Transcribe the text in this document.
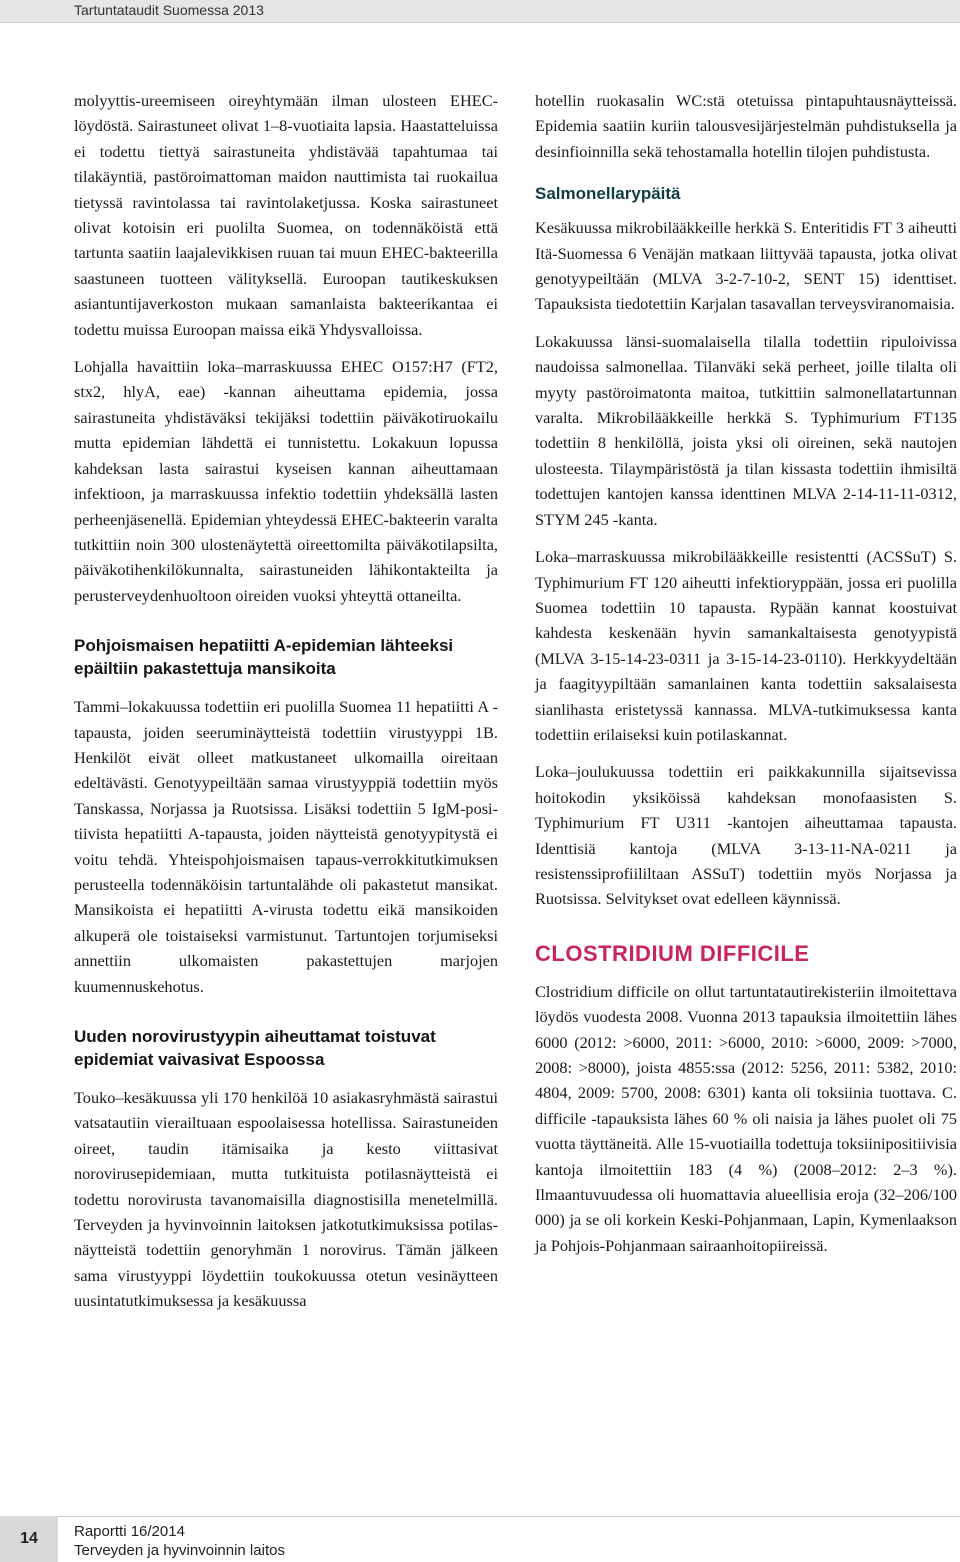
Tartuntataudit Suomessa 2013

molyyttis-ureemiseen oireyhtymään ilman ulosteen EHEC-löydöstä. Sairastuneet olivat 1–8-vuotiaita lapsia. Haastatteluissa ei todettu tiettyä sairastuneita yhdistävää tapahtumaa tai tilakäyntiä, pastöroimattoman maidon nauttimista tai ruokailua tietyssä ravintolassa tai ravintolaketjussa. Koska sairastuneet olivat kotoisin eri puolilta Suomea, on todennäköistä että tartunta saatiin laajalevikkisen ruuan tai muun EHEC-bakteerilla saastuneen tuotteen välityksellä. Euroopan tautikeskuksen asiantuntijaverkoston mukaan samanlaista bakteerikantaa ei todettu muissa Euroopan maissa eikä Yhdysvalloissa.

Lohjalla havaittiin loka–marraskuussa EHEC O157:H7 (FT2, stx2, hlyA, eae) -kannan aiheuttama epidemia, jossa sairastuneita yhdistäväksi tekijäksi todettiin päiväkotiruokailu mutta epidemian lähdettä ei tunnistettu. Lokakuun lopussa kahdeksan lasta sairastui kyseisen kannan aiheuttamaan infektioon, ja marraskuussa infektio todettiin yhdeksällä lasten perheenjäsenellä. Epidemian yhteydessä EHEC-bakteerin varalta tutkittiin noin 300 ulostenäytettä oireettomilta päiväkotilapsilta, päiväkotihenkilökunnalta, sairastuneiden lähikontakteilta ja perusterveydenhuoltoon oireiden vuoksi yhteyttä ottaneilta.

Pohjoismaisen hepatiitti A-epidemian lähteeksi epäiltiin pakastettuja mansikoita

Tammi–lokakuussa todettiin eri puolilla Suomea 11 hepatiitti A -tapausta, joiden seeruminäytteistä todettiin virustyyppi 1B. Henkilöt eivät olleet matkustaneet ulkomailla oireitaan edeltävästi. Genotyypeiltään samaa virustyyppiä todettiin myös Tanskassa, Norjassa ja Ruotsissa. Lisäksi todettiin 5 IgM-positiivista hepatiitti A-tapausta, joiden näytteistä genotyypitystä ei voitu tehdä. Yhteispohjoismaisen tapaus-verrokkitutkimuksen perusteella todennäköisin tartuntalähde oli pakastetut mansikat. Mansikoista ei hepatiitti A-virusta todettu eikä mansikoiden alkuperä ole toistaiseksi varmistunut. Tartuntojen torjumiseksi annettiin ulkomaisten pakastettujen marjojen kuumennuskehotus.

Uuden norovirustyypin aiheuttamat toistuvat epidemiat vaivasivat Espoossa

Touko–kesäkuussa yli 170 henkilöä 10 asiakasryhmästä sairastui vatsatautiin vierailtuaan espoolaisessa hotellissa. Sairastuneiden oireet, taudin itämisaika ja kesto viittasivat norovirusepidemiaan, mutta tutkituista potilasnäytteistä ei todettu norovirusta tavanomaisilla diagnostisilla menetelmillä. Terveyden ja hyvinvoinnin laitoksen jatkotutkimuksissa potilasnäytteistä todettiin genoryhmän 1 norovirus. Tämän jälkeen sama virustyyppi löydettiin toukokuussa otetun vesinäytteen uusintatutkimuksessa ja kesäkuussa

hotellin ruokasalin WC:stä otetuissa pintapuhtausnäytteissä. Epidemia saatiin kuriin talousvesijärjestelmän puhdistuksella ja desinfioinnilla sekä tehostamalla hotellin tilojen puhdistusta.

Salmonellarypäitä

Kesäkuussa mikrobilääkkeille herkkä S. Enteritidis FT 3 aiheutti Itä-Suomessa 6 Venäjän matkaan liittyvää tapausta, jotka olivat genotyypeiltään (MLVA 3-2-7-10-2, SENT 15) identtiset. Tapauksista tiedotettiin Karjalan tasavallan terveysviranomaisia.

Lokakuussa länsi-suomalaisella tilalla todettiin ripuloivissa naudoissa salmonellaa. Tilanväki sekä perheet, joille tilalta oli myyty pastöroimatonta maitoa, tutkittiin salmonellatartunnan varalta. Mikrobilääkkeille herkkä S. Typhimurium FT135 todettiin 8 henkilöllä, joista yksi oli oireinen, sekä nautojen ulosteesta. Tilaympäristöstä ja tilan kissasta todettiin ihmisiltä todettujen kantojen kanssa identtinen MLVA 2-14-11-11-0312, STYM 245 -kanta.

Loka–marraskuussa mikrobilääkkeille resistentti (ACSSuT) S. Typhimurium FT 120 aiheutti infektioryppään, jossa eri puolilla Suomea todettiin 10 tapausta. Rypään kannat koostuivat kahdesta keskenään hyvin samankaltaisesta genotyypistä (MLVA 3-15-14-23-0311 ja 3-15-14-23-0110). Herkkyydeltään ja faagityypiltään samanlainen kanta todettiin saksalaisesta sianlihasta eristetyssä kannassa. MLVA-tutkimuksessa kanta todettiin erilaiseksi kuin potilaskannat.

Loka–joulukuussa todettiin eri paikkakunnilla sijaitsevissa hoitokodin yksiköissä kahdeksan monofaasisten S. Typhimurium FT U311 -kantojen aiheuttamaa tapausta. Identtisiä kantoja (MLVA 3-13-11-NA-0211 ja resistenssiprofiililtaan ASSuT) todettiin myös Norjassa ja Ruotsissa. Selvitykset ovat edelleen käynnissä.

CLOSTRIDIUM DIFFICILE

Clostridium difficile on ollut tartuntatautirekisteriin ilmoitettava löydös vuodesta 2008. Vuonna 2013 tapauksia ilmoitettiin lähes 6000 (2012: >6000, 2011: >6000, 2010: >6000, 2009: >7000, 2008: >8000), joista 4855:ssa (2012: 5256, 2011: 5382, 2010: 4804, 2009: 5700, 2008: 6301) kanta oli toksiinia tuottava. C. difficile -tapauksista lähes 60 % oli naisia ja lähes puolet oli 75 vuotta täyttäneitä. Alle 15-vuotiailla todettuja toksiinipositiivisia kantoja ilmoitettiin 183 (4 %) (2008–2012: 2–3 %). Ilmaantuvuudessa oli huomattavia alueellisia eroja (32–206/100 000) ja se oli korkein Keski-Pohjanmaan, Lapin, Kymenlaakson ja Pohjois-Pohjanmaan sairaanhoitopiireissä.

14	Raportti 16/2014
Terveyden ja hyvinvoinnin laitos
